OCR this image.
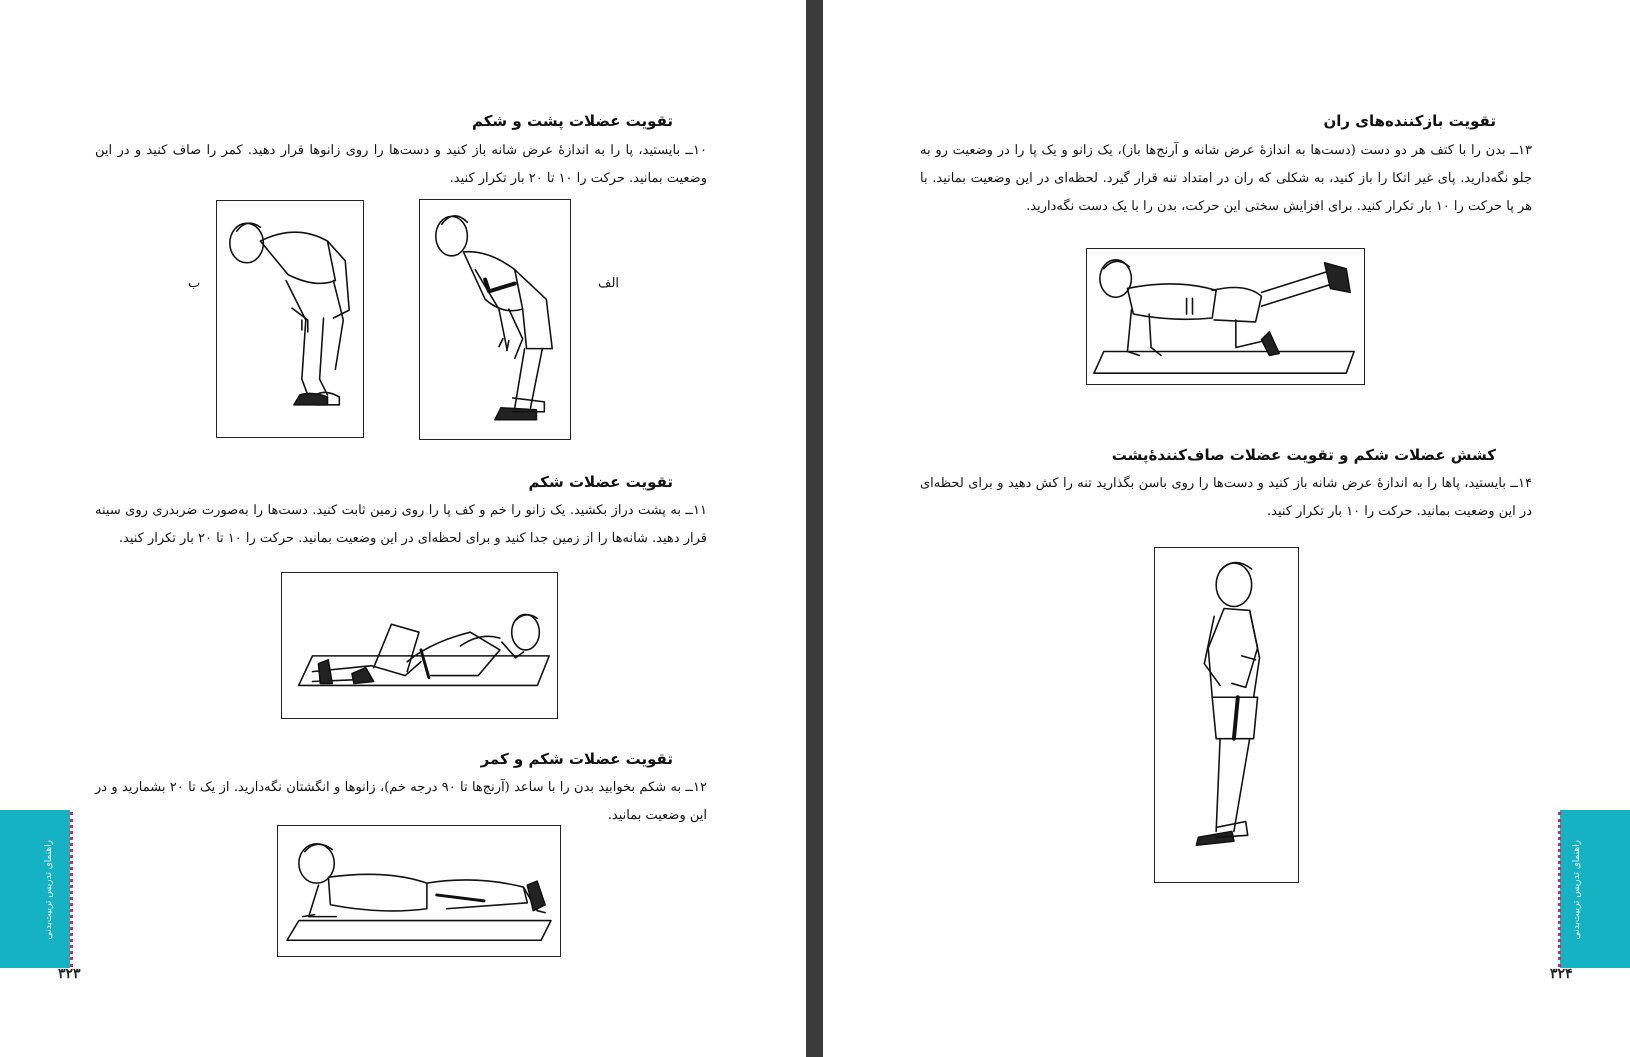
تقویت عضلات پشت و شکم
۱۰ــ بایستید، پا را به اندازهٔ عرض شانه باز کنید و دست‌ها را روی زانوها قرار دهید. کمر را صاف کنید و در این وضعیت بمانید. حرکت را ۱۰ تا ۲۰ بار تکرار کنید.
ب	الف
تقویت عضلات شکم
۱۱ــ به پشت دراز بکشید. یک زانو را خم و کف پا را روی زمین ثابت کنید. دست‌ها را به‌صورت ضربدری روی سینه قرار دهید. شانه‌ها را از زمین جدا کنید و برای لحظه‌ای در این وضعیت بمانید. حرکت را ۱۰ تا ۲۰ بار تکرار کنید.
تقویت عضلات شکم و کمر
۱۲ــ به شکم بخوابید بدن را با ساعد (آرنج‌ها تا ۹۰ درجه خم)، زانوها و انگشتان نگه‌دارید. از یک تا ۲۰ بشمارید و در این وضعیت بمانید.
راهنمای تدریس تربیت‌بدنی
۳۲۳
تقویت بازکننده‌های ران
۱۳ــ بدن را با کتف هر دو دست (دست‌ها به اندازهٔ عرض شانه و آرنج‌ها باز)، یک زانو و یک پا را در وضعیت رو به جلو نگه‌دارید. پای غیر اتکا را باز کنید، به شکلی که ران در امتداد تنه قرار گیرد. لحظه‌ای در این وضعیت بمانید. با هر پا حرکت را ۱۰ بار تکرار کنید. برای افزایش سختی این حرکت، بدن را با یک دست نگه‌دارید.
کشش عضلات شکم و تقویت عضلات صاف‌کنندهٔ‌پشت
۱۴ــ بایستید، پاها را به اندازهٔ عرض شانه باز کنید و دست‌ها را روی باسن بگذارید تنه را کش دهید و برای لحظه‌ای در این وضعیت بمانید. حرکت را ۱۰ بار تکرار کنید.
راهنمای تدریس تربیت‌بدنی
۳۲۴
